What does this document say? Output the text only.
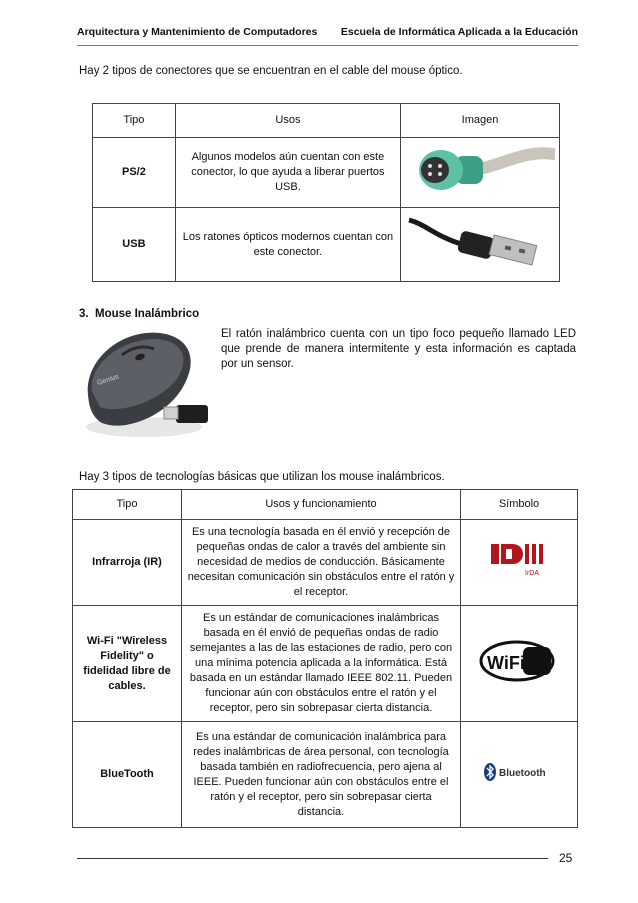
Arquitectura y Mantenimiento de Computadores Escuela de Informática Aplicada a la Educación
Hay 2 tipos de conectores que se encuentran en el cable del mouse óptico.
Tipo	Usos	Imagen
PS/2	Algunos modelos aún cuentan con este conector, lo que ayuda a liberar puertos USB.	
USB	Los ratones ópticos modernos cuentan con este conector.	
3. Mouse Inalámbrico
Genius
El ratón inalámbrico cuenta con un tipo foco pequeño llamado LED que prende de manera intermitente y esta información es captada por un sensor.
Hay 3 tipos de tecnologías básicas que utilizan los mouse inalámbricos.
Tipo	Usos y funcionamiento	Símbolo
Infrarroja (IR)	Es una tecnología basada en él envió y recepción de pequeñas ondas de calor a través del ambiente sin necesidad de medios de conducción. Básicamente necesitan comunicación sin obstáculos entre el ratón y el receptor.	IrDA

Wi-Fi "Wireless Fidelity" o fidelidad libre de cables.	Es un estándar de comunicaciones inalámbricas basada en él envió de pequeñas ondas de radio semejantes a las de las estaciones de radio, pero con una mínima potencia aplicada a la informática. Está basada en un estándar llamado IEEE 802.11. Pueden funcionar aún con obstáculos entre el ratón y el receptor, pero sin sobrepasar cierta distancia.	WiFi

BlueTooth	Es una estándar de comunicación inalámbrica para redes inalámbricas de área personal, con tecnología basada también en radiofrecuencia, pero ajena al IEEE. Pueden funcionar aún con obstáculos entre el ratón y el receptor, pero sin sobrepasar cierta distancia.	Bluetooth
25
